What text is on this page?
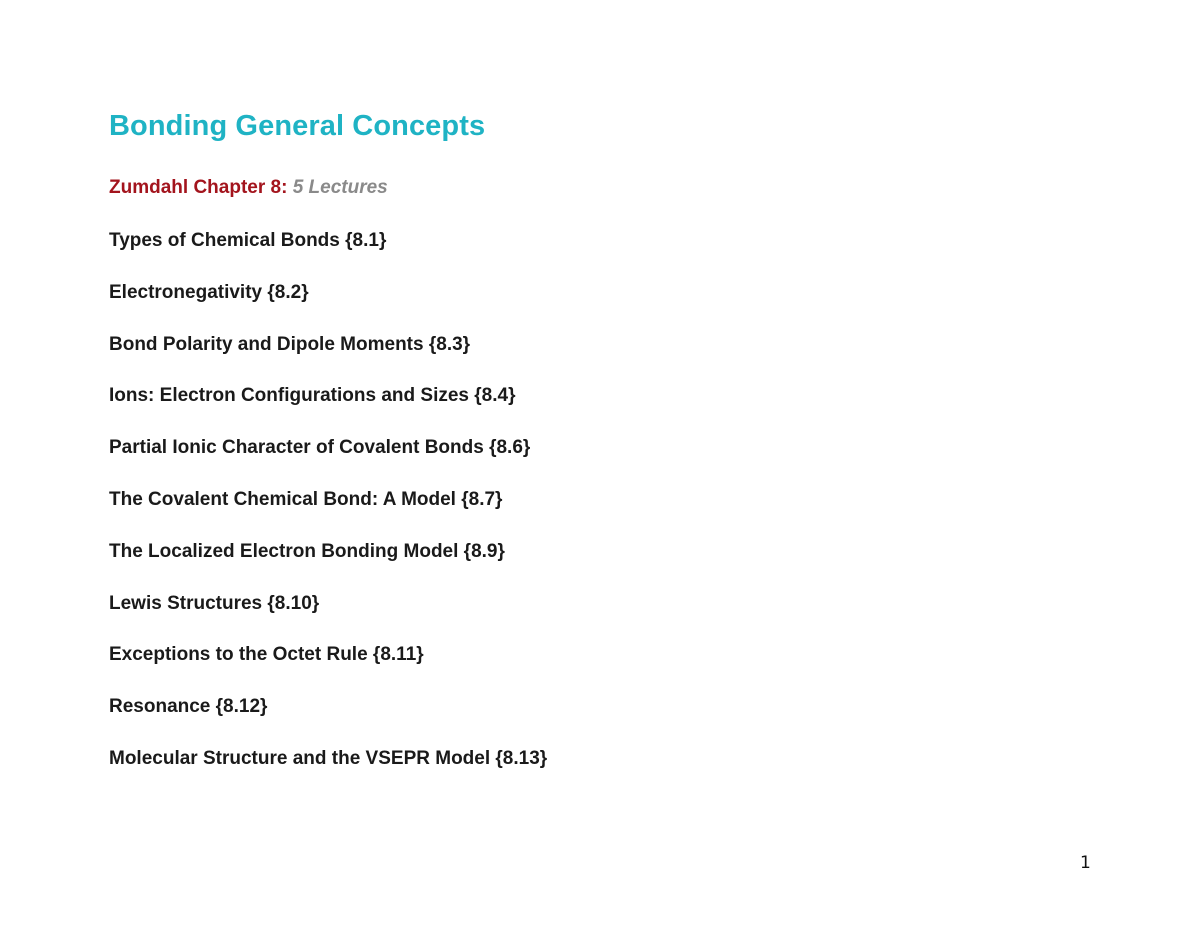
Bonding General Concepts
Zumdahl Chapter 8: 5 Lectures
Types of Chemical Bonds {8.1}
Electronegativity {8.2}
Bond Polarity and Dipole Moments {8.3}
Ions: Electron Configurations and Sizes {8.4}
Partial Ionic Character of Covalent Bonds {8.6}
The Covalent Chemical Bond: A Model {8.7}
The Localized Electron Bonding Model {8.9}
Lewis Structures {8.10}
Exceptions to the Octet Rule {8.11}
Resonance {8.12}
Molecular Structure and the VSEPR Model {8.13}
1
